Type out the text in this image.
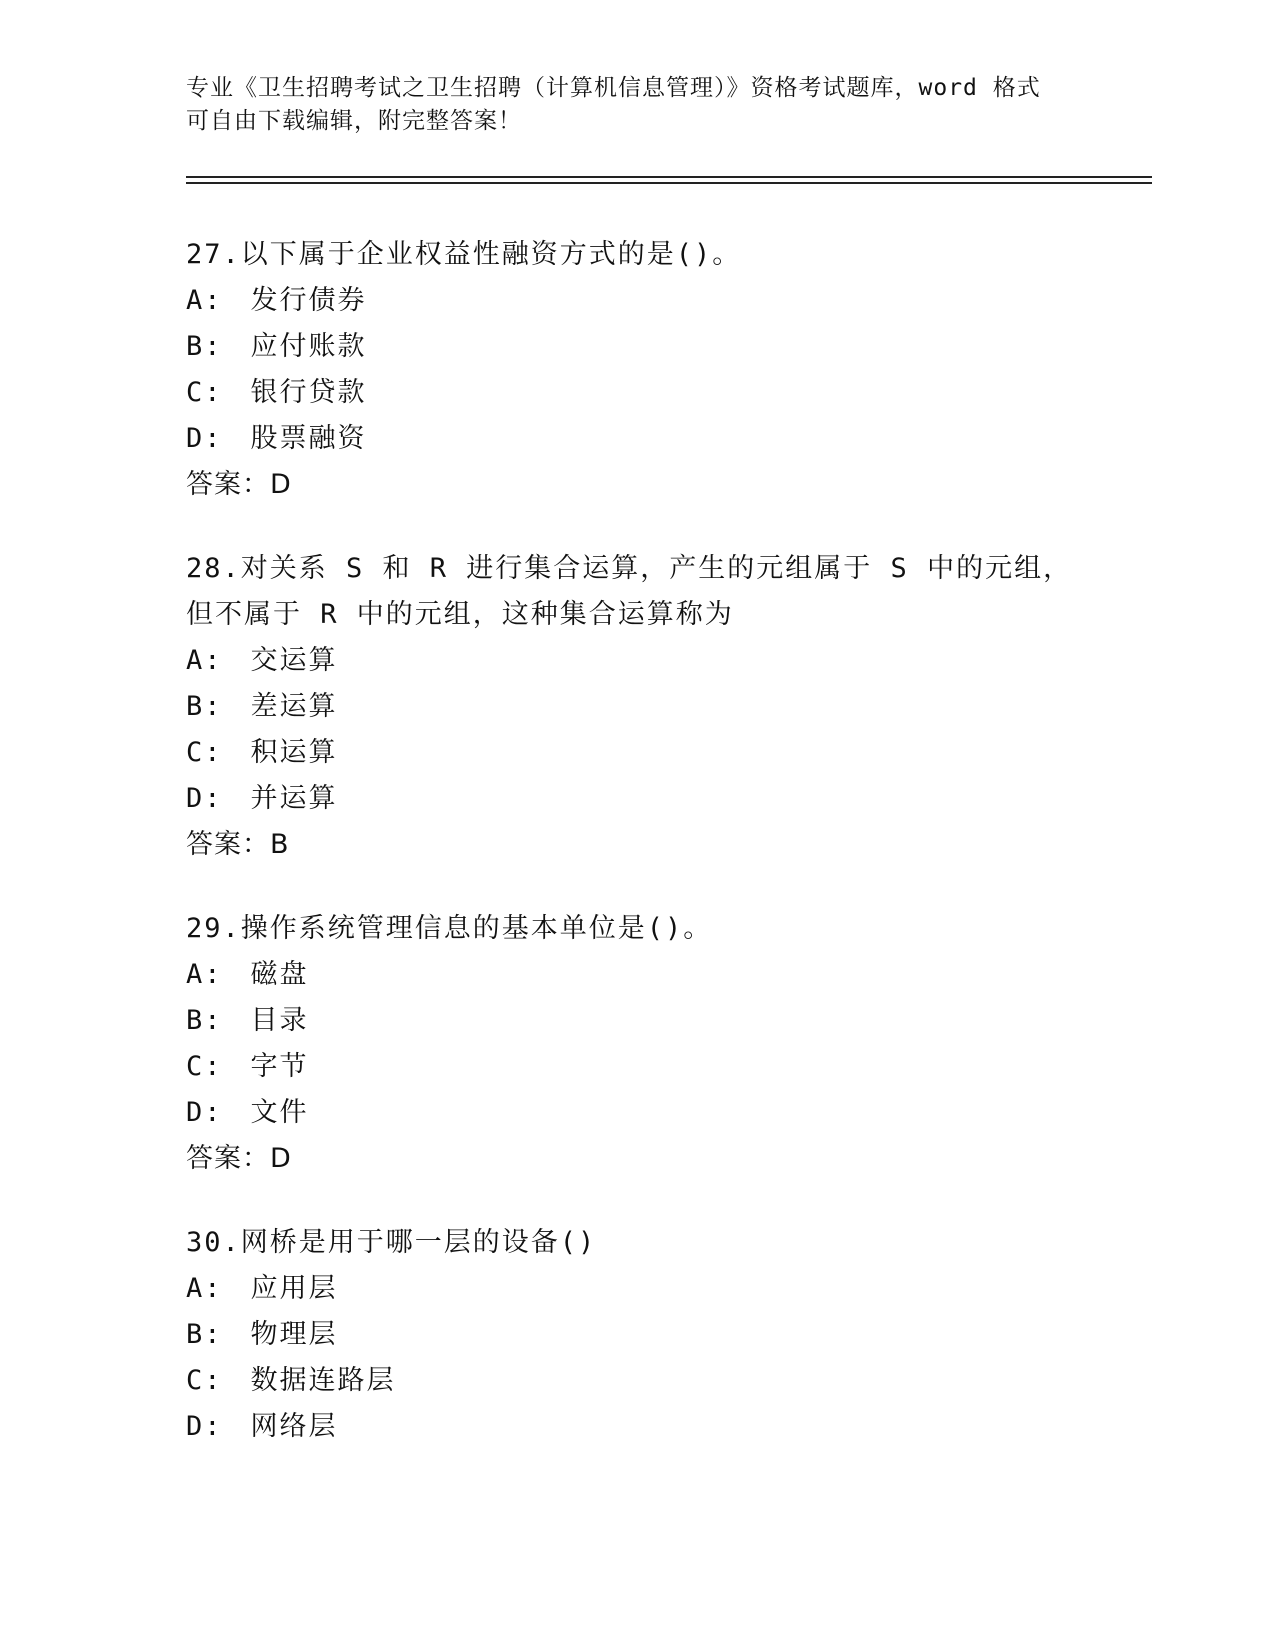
专业《卫生招聘考试之卫生招聘（计算机信息管理）》资格考试题库，word 格式
可自由下载编辑，附完整答案！
27.以下属于企业权益性融资方式的是()。
A: 发行债券
B: 应付账款
C: 银行贷款
D: 股票融资
答案：D
28.对关系 S 和 R 进行集合运算，产生的元组属于 S 中的元组，但不属于 R 中的元组，这种集合运算称为
A: 交运算
B: 差运算
C: 积运算
D: 并运算
答案：B
29.操作系统管理信息的基本单位是()。
A: 磁盘
B: 目录
C: 字节
D: 文件
答案：D
30.网桥是用于哪一层的设备()
A: 应用层
B: 物理层
C: 数据连路层
D: 网络层
